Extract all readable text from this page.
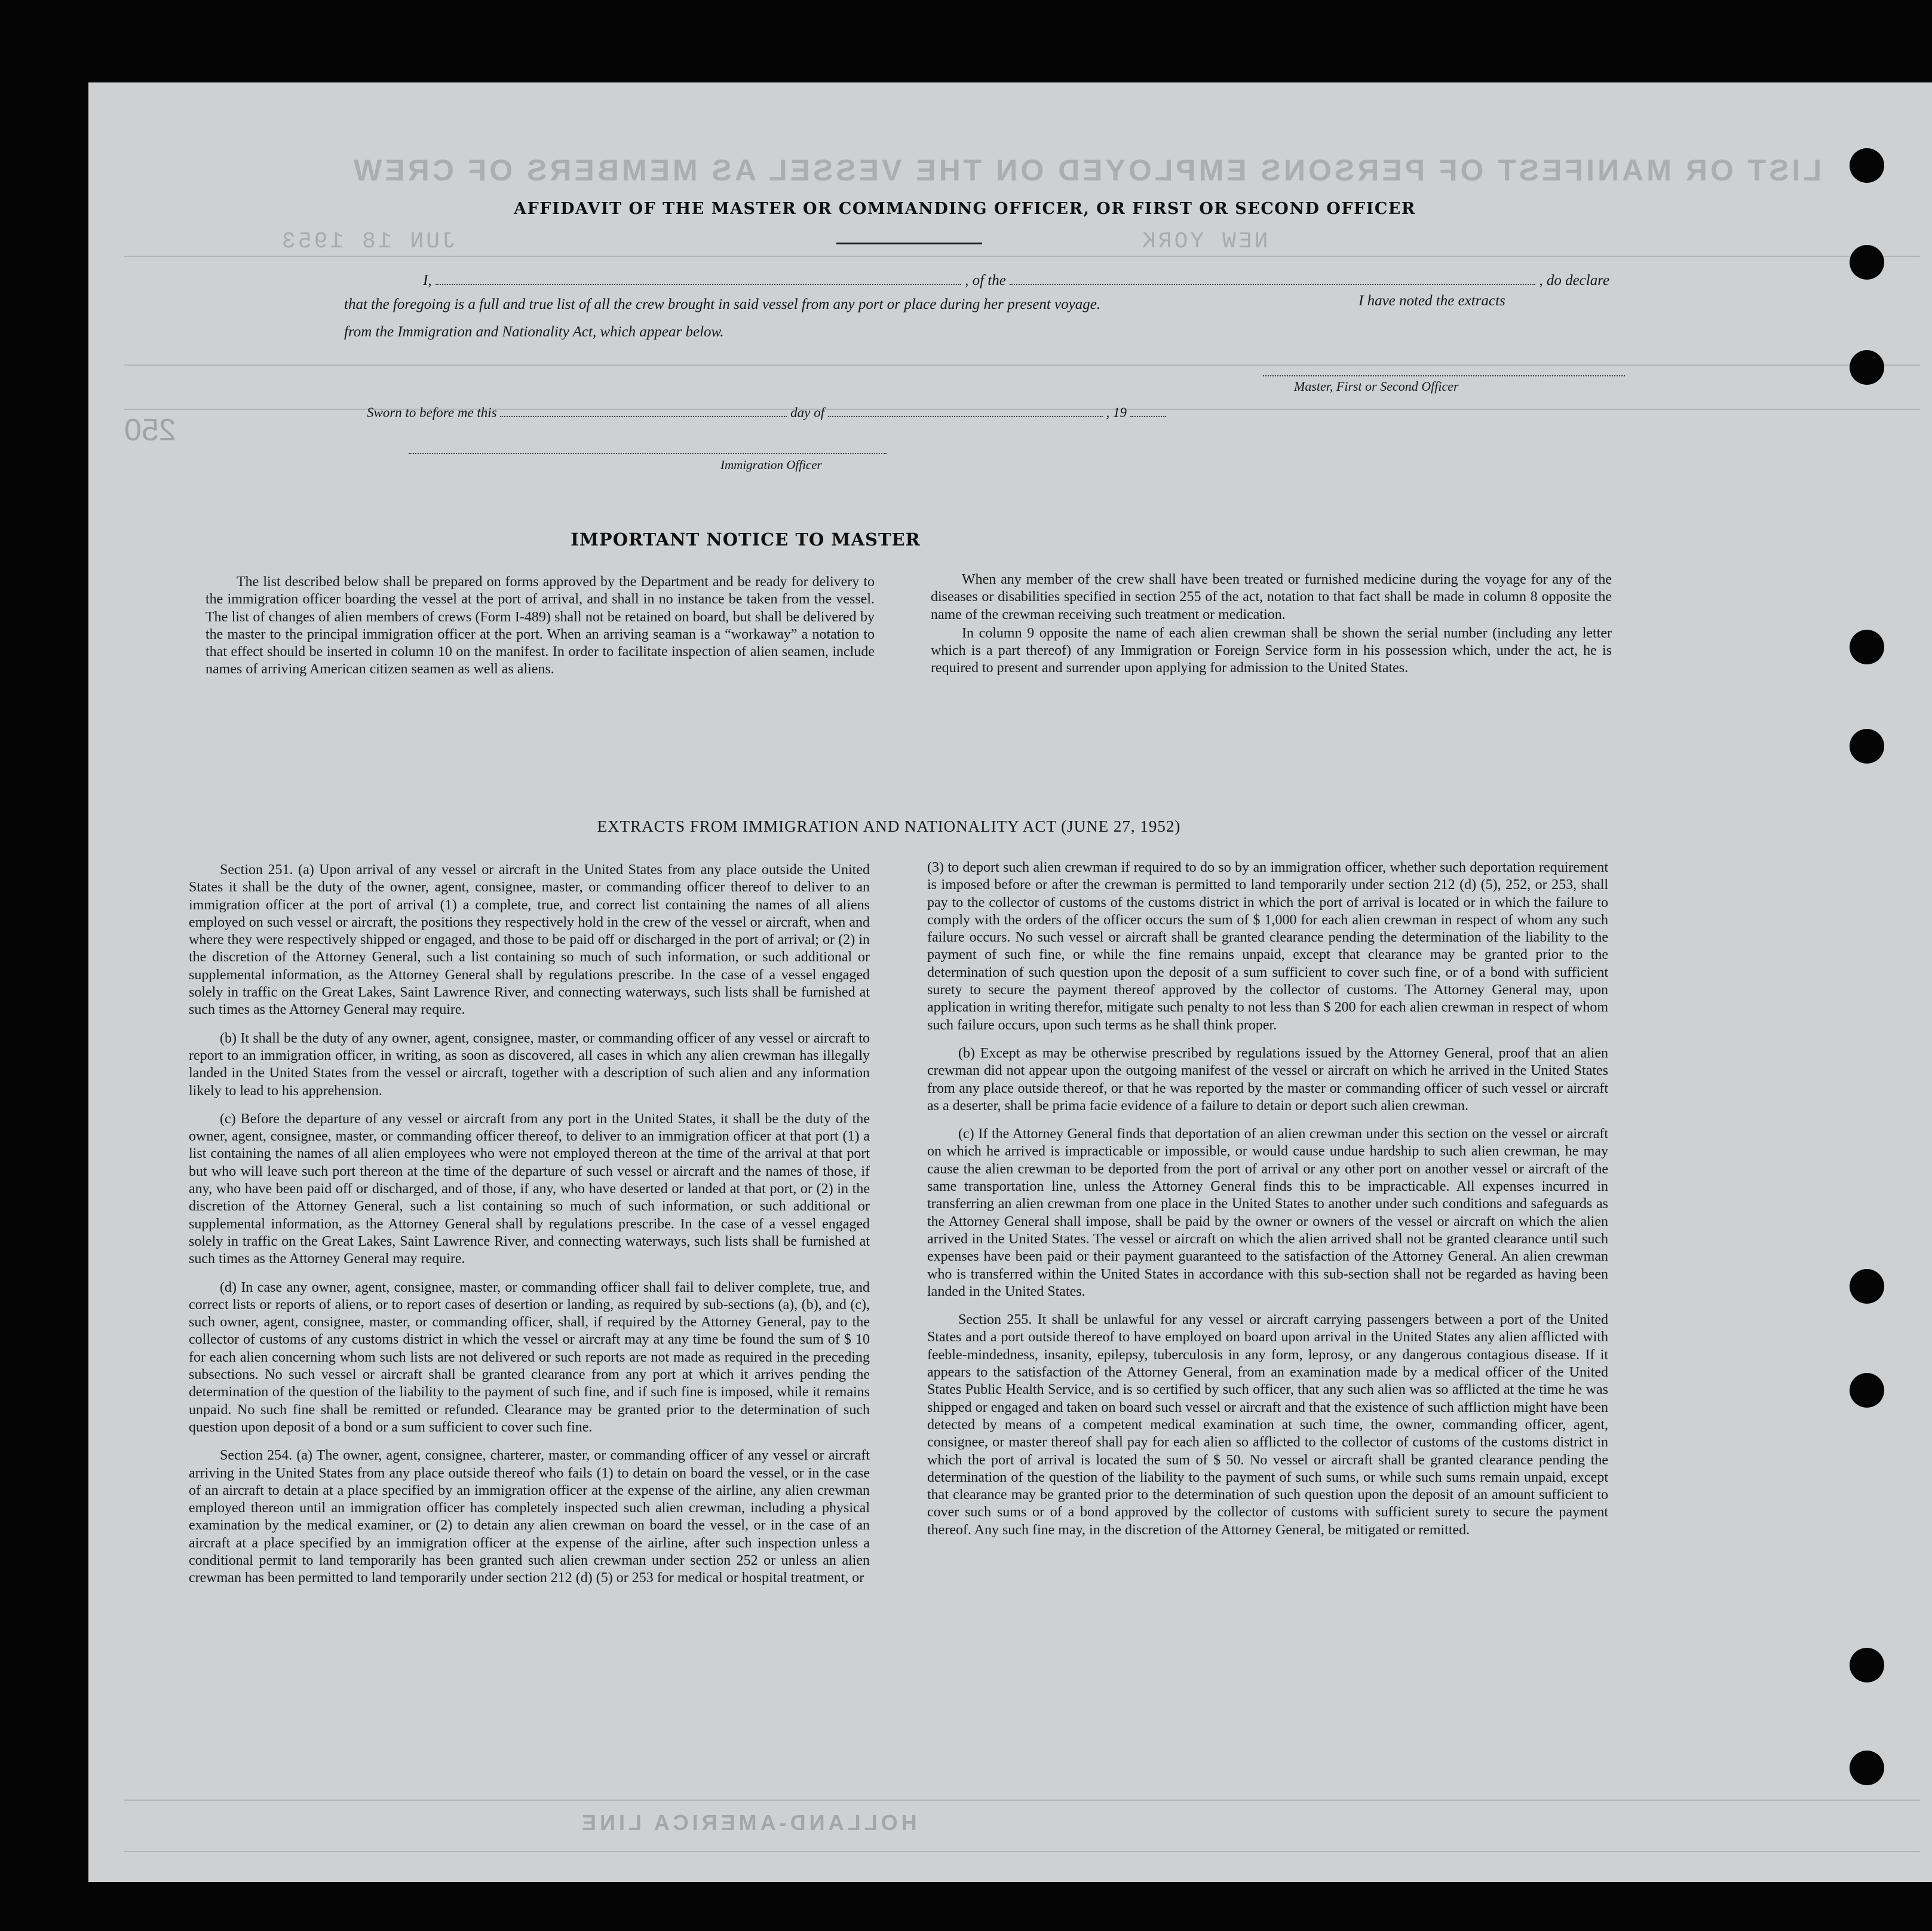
LIST OR MANIFEST OF PERSONS EMPLOYED ON THE VESSEL AS MEMBERS OF CREW
NEW YORK
JUN 18 1953
250
HOLLAND-AMERICA LINE
AFFIDAVIT OF THE MASTER OR COMMANDING OFFICER, OR FIRST OR SECOND OFFICER
I,	, of the	, do declare
that the foregoing is a full and true list of all the crew brought in said vessel from any port or place during her present voyage.	I have noted the extracts
from the Immigration and Nationality Act, which appear below.
Master, First or Second Officer
Sworn to before me this	day of	, 19
Immigration Officer
IMPORTANT NOTICE TO MASTER

The list described below shall be prepared on forms approved by the Department and be ready for delivery to the immigration officer boarding the vessel at the port of arrival, and shall in no instance be taken from the vessel. The list of changes of alien members of crews (Form I-489) shall not be retained on board, but shall be delivered by the master to the principal immigration officer at the port. When an arriving seaman is a “workaway” a notation to that effect should be inserted in column 10 on the manifest. In order to facilitate inspection of alien seamen, include names of arriving American citizen seamen as well as aliens.

When any member of the crew shall have been treated or furnished medicine during the voyage for any of the diseases or disabilities specified in section 255 of the act, notation to that fact shall be made in column 8 opposite the name of the crewman receiving such treatment or medication.

In column 9 opposite the name of each alien crewman shall be shown the serial number (including any letter which is a part thereof) of any Immigration or Foreign Service form in his possession which, under the act, he is required to present and surrender upon applying for admission to the United States.

EXTRACTS FROM IMMIGRATION AND NATIONALITY ACT (JUNE 27, 1952)

Section 251. (a) Upon arrival of any vessel or aircraft in the United States from any place outside the United States it shall be the duty of the owner, agent, consignee, master, or commanding officer thereof to deliver to an immigration officer at the port of arrival (1) a complete, true, and correct list containing the names of all aliens employed on such vessel or aircraft, the positions they respectively hold in the crew of the vessel or aircraft, when and where they were respectively shipped or engaged, and those to be paid off or discharged in the port of arrival; or (2) in the discretion of the Attorney General, such a list containing so much of such information, or such additional or supplemental information, as the Attorney General shall by regulations prescribe. In the case of a vessel engaged solely in traffic on the Great Lakes, Saint Lawrence River, and connecting waterways, such lists shall be furnished at such times as the Attorney General may require.

(b) It shall be the duty of any owner, agent, consignee, master, or commanding officer of any vessel or aircraft to report to an immigration officer, in writing, as soon as discovered, all cases in which any alien crewman has illegally landed in the United States from the vessel or aircraft, together with a description of such alien and any information likely to lead to his apprehension.

(c) Before the departure of any vessel or aircraft from any port in the United States, it shall be the duty of the owner, agent, consignee, master, or commanding officer thereof, to deliver to an immigration officer at that port (1) a list containing the names of all alien employees who were not employed thereon at the time of the arrival at that port but who will leave such port thereon at the time of the departure of such vessel or aircraft and the names of those, if any, who have been paid off or discharged, and of those, if any, who have deserted or landed at that port, or (2) in the discretion of the Attorney General, such a list containing so much of such information, or such additional or supplemental information, as the Attorney General shall by regulations prescribe. In the case of a vessel engaged solely in traffic on the Great Lakes, Saint Lawrence River, and connecting waterways, such lists shall be furnished at such times as the Attorney General may require.

(d) In case any owner, agent, consignee, master, or commanding officer shall fail to deliver complete, true, and correct lists or reports of aliens, or to report cases of desertion or landing, as required by sub-sections (a), (b), and (c), such owner, agent, consignee, master, or commanding officer, shall, if required by the Attorney General, pay to the collector of customs of any customs district in which the vessel or aircraft may at any time be found the sum of $ 10 for each alien concerning whom such lists are not delivered or such reports are not made as required in the preceding subsections. No such vessel or aircraft shall be granted clearance from any port at which it arrives pending the determination of the question of the liability to the payment of such fine, and if such fine is imposed, while it remains unpaid. No such fine shall be remitted or refunded. Clearance may be granted prior to the determination of such question upon deposit of a bond or a sum sufficient to cover such fine.

Section 254. (a) The owner, agent, consignee, charterer, master, or commanding officer of any vessel or aircraft arriving in the United States from any place outside thereof who fails (1) to detain on board the vessel, or in the case of an aircraft to detain at a place specified by an immigration officer at the expense of the airline, any alien crewman employed thereon until an immigration officer has completely inspected such alien crewman, including a physical examination by the medical examiner, or (2) to detain any alien crewman on board the vessel, or in the case of an aircraft at a place specified by an immigration officer at the expense of the airline, after such inspection unless a conditional permit to land temporarily has been granted such alien crewman under section 252 or unless an alien crewman has been permitted to land temporarily under section 212 (d) (5) or 253 for medical or hospital treatment, or

(3) to deport such alien crewman if required to do so by an immigration officer, whether such deportation requirement is imposed before or after the crewman is permitted to land temporarily under section 212 (d) (5), 252, or 253, shall pay to the collector of customs of the customs district in which the port of arrival is located or in which the failure to comply with the orders of the officer occurs the sum of $ 1,000 for each alien crewman in respect of whom any such failure occurs. No such vessel or aircraft shall be granted clearance pending the determination of the liability to the payment of such fine, or while the fine remains unpaid, except that clearance may be granted prior to the determination of such question upon the deposit of a sum sufficient to cover such fine, or of a bond with sufficient surety to secure the payment thereof approved by the collector of customs. The Attorney General may, upon application in writing therefor, mitigate such penalty to not less than $ 200 for each alien crewman in respect of whom such failure occurs, upon such terms as he shall think proper.

(b) Except as may be otherwise prescribed by regulations issued by the Attorney General, proof that an alien crewman did not appear upon the outgoing manifest of the vessel or aircraft on which he arrived in the United States from any place outside thereof, or that he was reported by the master or commanding officer of such vessel or aircraft as a deserter, shall be prima facie evidence of a failure to detain or deport such alien crewman.

(c) If the Attorney General finds that deportation of an alien crewman under this section on the vessel or aircraft on which he arrived is impracticable or impossible, or would cause undue hardship to such alien crewman, he may cause the alien crewman to be deported from the port of arrival or any other port on another vessel or aircraft of the same transportation line, unless the Attorney General finds this to be impracticable. All expenses incurred in transferring an alien crewman from one place in the United States to another under such conditions and safeguards as the Attorney General shall impose, shall be paid by the owner or owners of the vessel or aircraft on which the alien arrived in the United States. The vessel or aircraft on which the alien arrived shall not be granted clearance until such expenses have been paid or their payment guaranteed to the satisfaction of the Attorney General. An alien crewman who is transferred within the United States in accordance with this sub-section shall not be regarded as having been landed in the United States.

Section 255. It shall be unlawful for any vessel or aircraft carrying passengers between a port of the United States and a port outside thereof to have employed on board upon arrival in the United States any alien afflicted with feeble-mindedness, insanity, epilepsy, tuberculosis in any form, leprosy, or any dangerous contagious disease. If it appears to the satisfaction of the Attorney General, from an examination made by a medical officer of the United States Public Health Service, and is so certified by such officer, that any such alien was so afflicted at the time he was shipped or engaged and taken on board such vessel or aircraft and that the existence of such affliction might have been detected by means of a competent medical examination at such time, the owner, commanding officer, agent, consignee, or master thereof shall pay for each alien so afflicted to the collector of customs of the customs district in which the port of arrival is located the sum of $ 50. No vessel or aircraft shall be granted clearance pending the determination of the question of the liability to the payment of such sums, or while such sums remain unpaid, except that clearance may be granted prior to the determination of such question upon the deposit of an amount sufficient to cover such sums or of a bond approved by the collector of customs with sufficient surety to secure the payment thereof. Any such fine may, in the discretion of the Attorney General, be mitigated or remitted.
